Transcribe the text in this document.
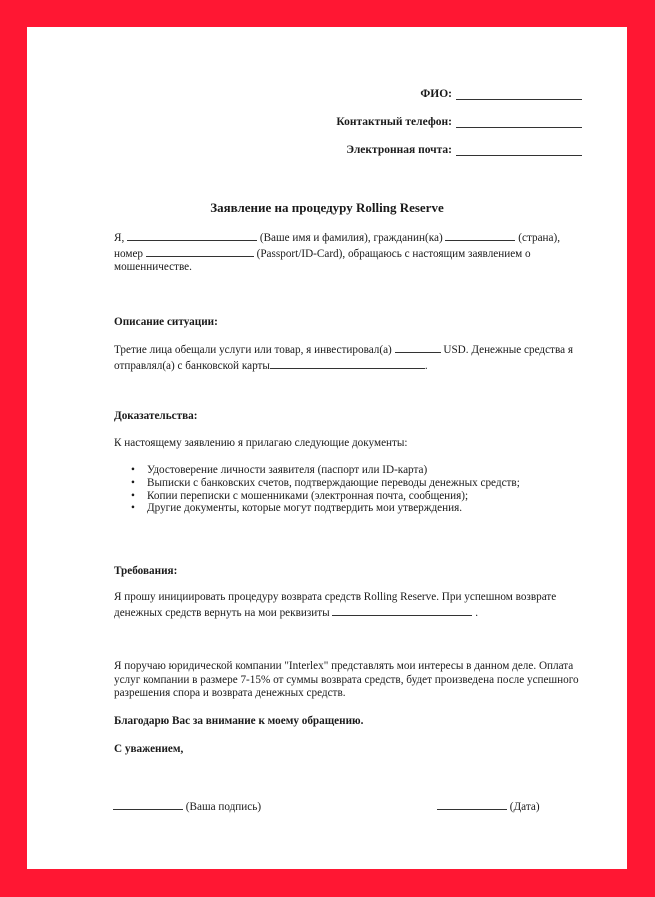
ФИО:
Контактный телефон:
Электронная почта:
Заявление на процедуру Rolling Reserve
Я,	(Ваше имя и фамилия), гражданин(ка)	(страна), номер	(Passport/ID-Card), обращаюсь с настоящим заявлением о мошенничестве.
Описание ситуации:
Третие лица обещали услуги или товар, я инвестировал(а)	USD. Денежные средства я отправлял(а) с банковской карты	.
Доказательства:
К настоящему заявлению я прилагаю следующие документы:
• Удостоверение личности заявителя (паспорт или ID-карта)
• Выписки с банковских счетов, подтверждающие переводы денежных средств;
• Копии переписки с мошенниками (электронная почта, сообщения);
• Другие документы, которые могут подтвердить мои утверждения.
Требования:
Я прошу инициировать процедуру возврата средств Rolling Reserve. При успешном возврате денежных средств вернуть на мои реквизиты	.
Я поручаю юридической компании "Interlex" представлять мои интересы в данном деле. Оплата услуг компании в размере 7-15% от суммы возврата средств, будет произведена после успешного разрешения спора и возврата денежных средств.
Благодарю Вас за внимание к моему обращению.
С уважением,
(Ваша подпись)	(Дата)
